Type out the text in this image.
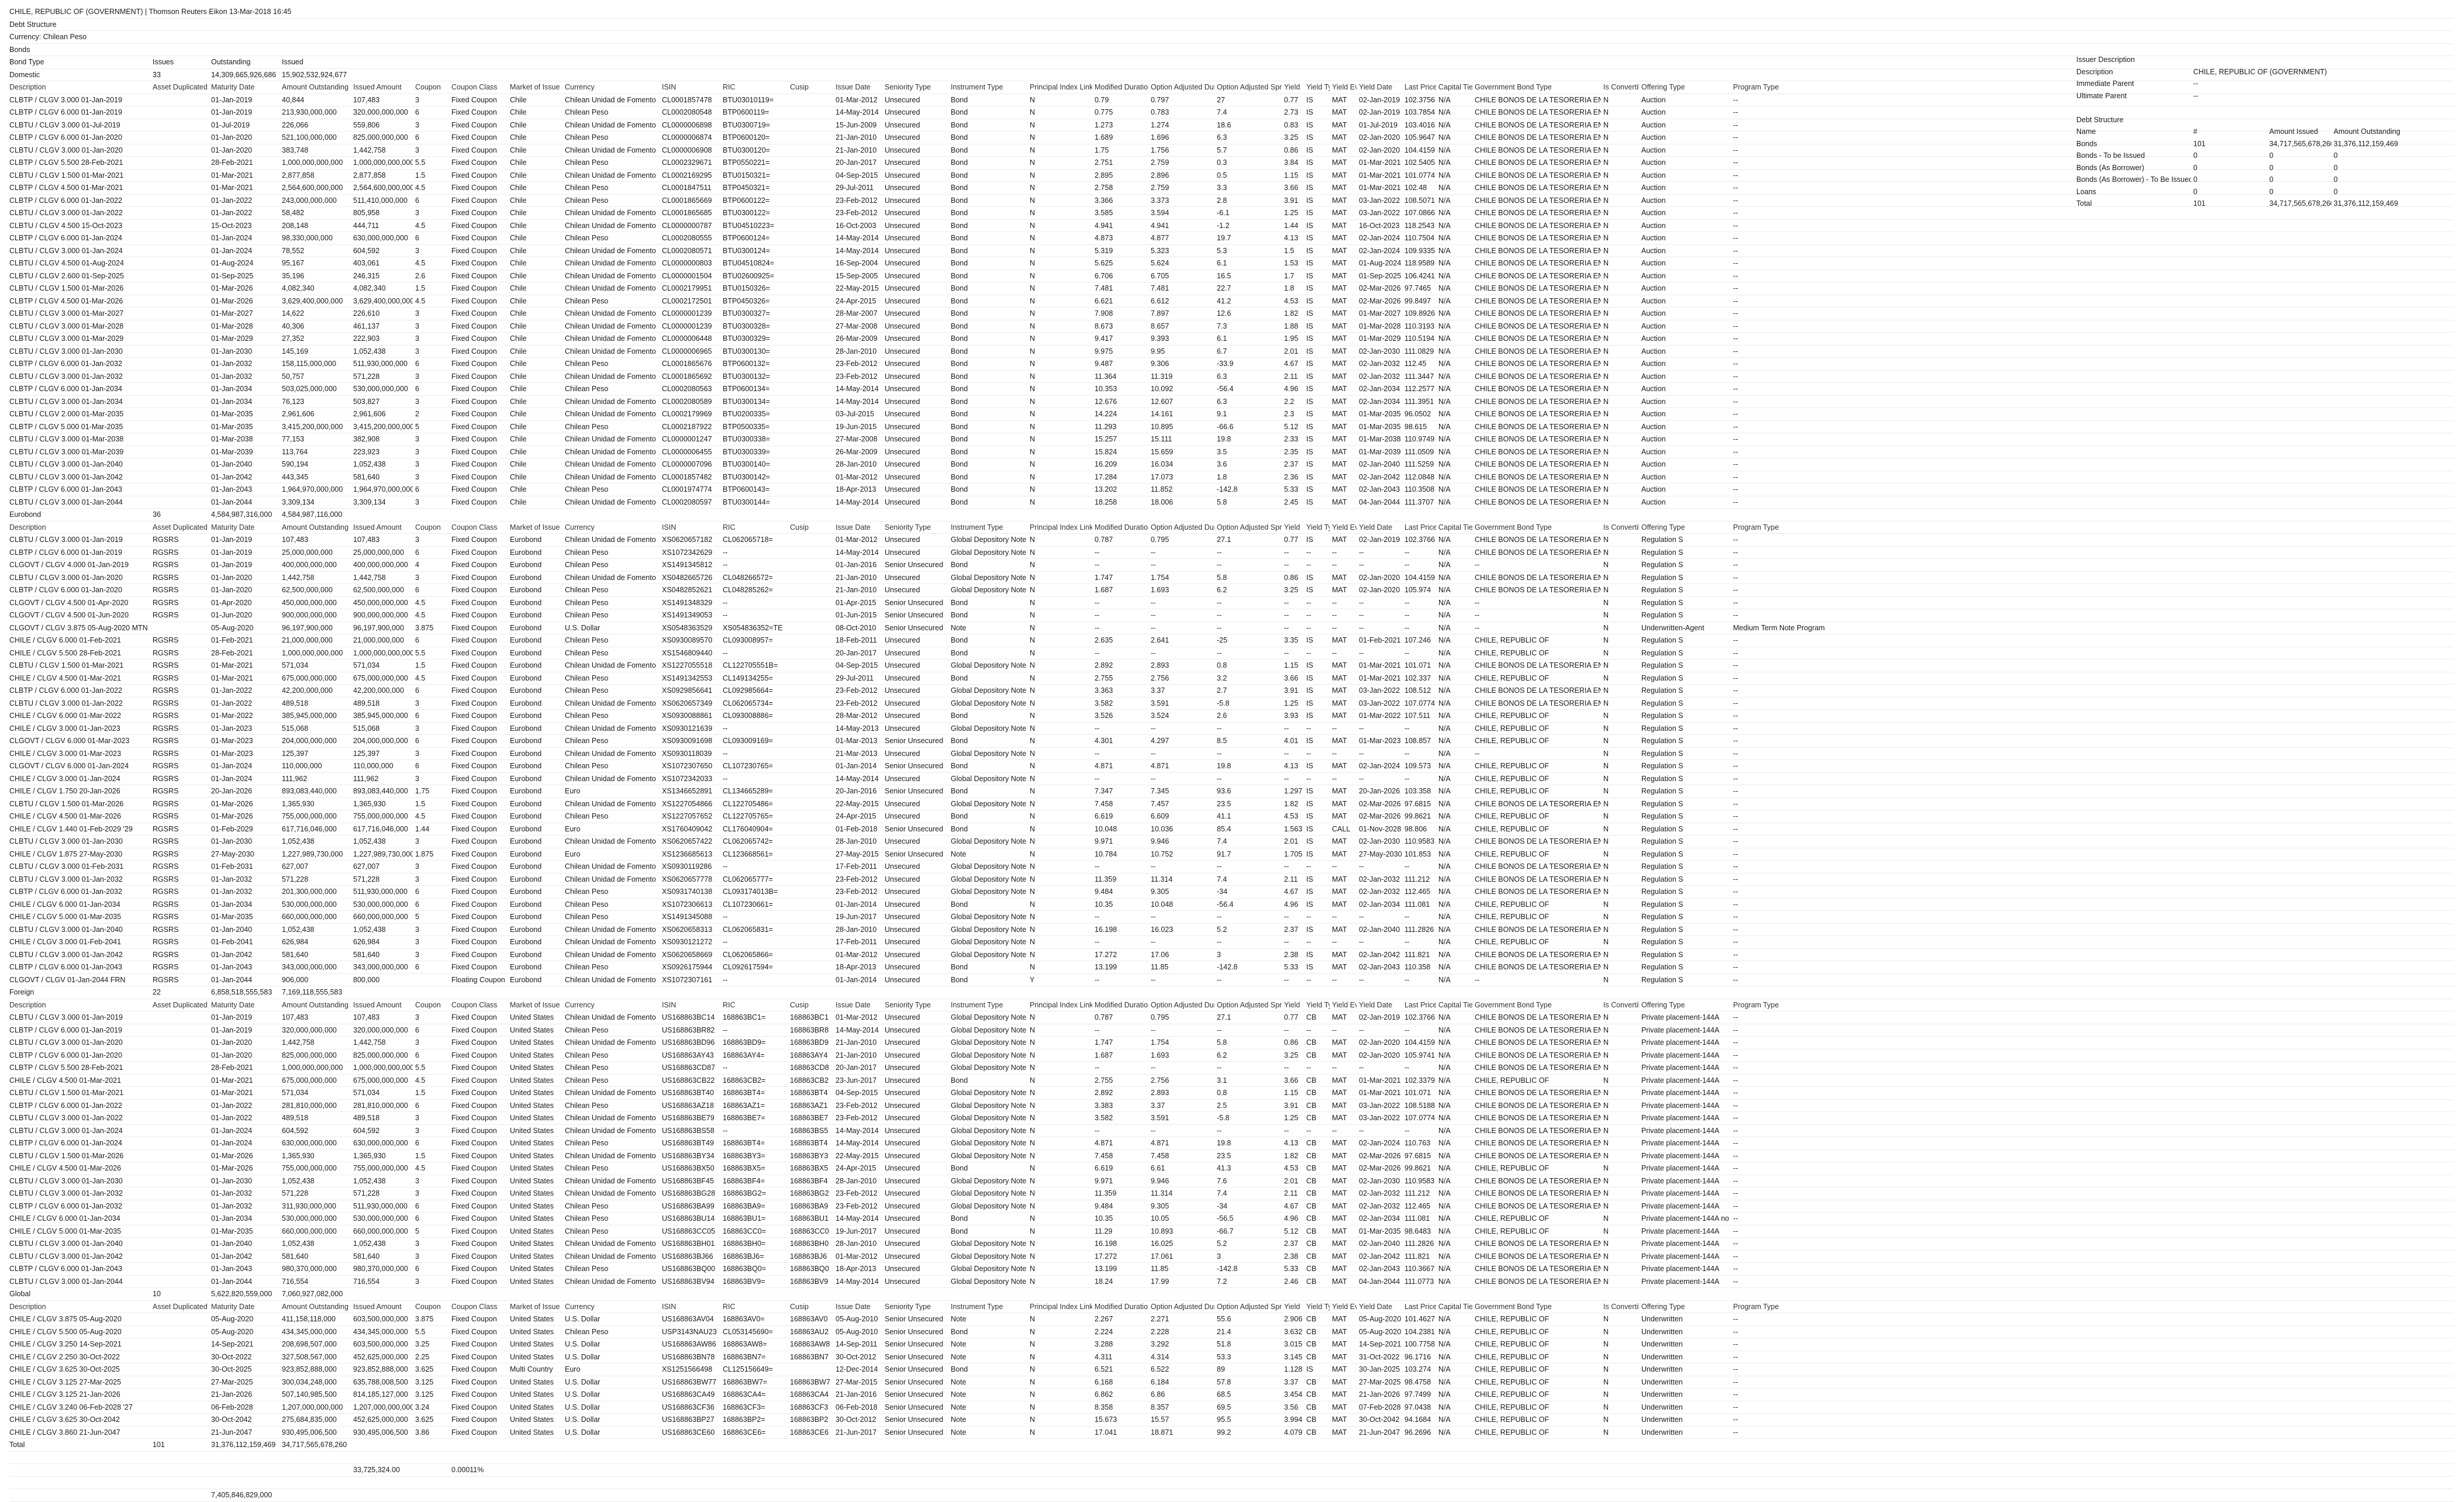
CHILE, REPUBLIC OF (GOVERNMENT) | Thomson Reuters Eikon 13-Mar-2018 16:45
Debt Structure
Currency: Chilean Peso
Bonds
Bond Type	Issues	Outstanding	Issued
Domestic	33	14,309,665,926,686 15,902,532,924,677
Description	Asset Duplicated Maturity Date	Amount Outstanding Issued Amount	Coupon	Coupon Class	Market of Issue Currency	ISIN	RIC	Cusip	Issue Date	Seniority Type	Instrument Type	Principal Index Link Modified Duration
Option Adjusted Du Option Adjusted Spr Yield Yield T Yield E Yield Date	Last Price Capital Tier
Government Bond Type	Is Converti Offering Type	Program Type
CLBTP / CLGV 3.000 01-Jan-2019	01-Jan-2019	40,844	107,483	3	Fixed Coupon	Chile	Chilean Unidad de Fomento CL0001857478	BTU03010119=	01-Mar-2012 Unsecured	Bond	N	0.79	0.797	27	0.77	IS	MAT	02-Jan-2019 102.3756 N/A	CHILE BONOS DE LA TESORERIA EN N	Auction	--
CLBTP / CLGV 6.000 01-Jan-2019	01-Jan-2019	213,930,000,000	320,000,000,000 6	Fixed Coupon	Chile	Chilean Peso	CL0002080548	BTP0600119=	14-May-2014 Unsecured	Bond	N	0.775	0.783	7.4	2.73	IS	MAT	02-Jan-2019 103.7854 N/A	CHILE BONOS DE LA TESORERIA EN N	Auction	--
CLBTU / CLGV 3.000 01-Jul-2019	01-Jul-2019	226,066	559,806	3	Fixed Coupon	Chile	Chilean Unidad de Fomento CL0000006898	BTU0300719=	15-Jun-2009	Unsecured	Bond	N	1.273	1.274	18.6	0.83	IS	MAT	01-Jul-2019 103.4016 N/A	CHILE BONOS DE LA TESORERIA EN N	Auction	--
CLBTP / CLGV 6.000 01-Jan-2020	01-Jan-2020	521,100,000,000	825,000,000,000 6	Fixed Coupon	Chile	Chilean Peso	CL0000006874	BTP0600120=	21-Jan-2010	Unsecured	Bond	N	1.689	1.696	6.3	3.25	IS	MAT	02-Jan-2020 105.9647 N/A	CHILE BONOS DE LA TESORERIA EN N	Auction	--
CLBTU / CLGV 3.000 01-Jan-2020	01-Jan-2020	383,748	1,442,758	3	Fixed Coupon	Chile	Chilean Unidad de Fomento CL0000006908	BTU0300120=	21-Jan-2010	Unsecured	Bond	N	1.75	1.756	5.7	0.86	IS	MAT	02-Jan-2020 104.4159 N/A	CHILE BONOS DE LA TESORERIA EN N	Auction	--
CLBTP / CLGV 5.500 28-Feb-2021	28-Feb-2021	1,000,000,000,000	1,000,000,000,000 5.5	Fixed Coupon	Chile	Chilean Peso	CL0002329671	BTP0550221=	20-Jan-2017	Unsecured	Bond	N	2.751	2.759	0.3	3.84	IS	MAT	01-Mar-2021 102.5405 N/A	CHILE BONOS DE LA TESORERIA EN N	Auction	--
CLBTU / CLGV 1.500 01-Mar-2021	01-Mar-2021	2,877,858	2,877,858	1.5	Fixed Coupon	Chile	Chilean Unidad de Fomento CL0002169295	BTU0150321=	04-Sep-2015 Unsecured	Bond	N	2.895	2.896	0.5	1.15	IS	MAT	01-Mar-2021 101.0774 N/A	CHILE BONOS DE LA TESORERIA EN N	Auction	--
CLBTP / CLGV 4.500 01-Mar-2021	01-Mar-2021	2,564,600,000,000	2,564,600,000,000 4.5	Fixed Coupon	Chile	Chilean Peso	CL0001847511	BTP0450321=	29-Jul-2011	Unsecured	Bond	N	2.758	2.759	3.3	3.66	IS	MAT	01-Mar-2021 102.48	N/A	CHILE BONOS DE LA TESORERIA EN N	Auction	--
CLBTP / CLGV 6.000 01-Jan-2022	01-Jan-2022	243,000,000,000	511,410,000,000	6	Fixed Coupon	Chile	Chilean Peso	CL0001865669	BTP0600122=	23-Feb-2012 Unsecured	Bond	N	3.366	3.373	2.8	3.91	IS	MAT	03-Jan-2022 108.5071 N/A	CHILE BONOS DE LA TESORERIA EN N	Auction	--
CLBTU / CLGV 3.000 01-Jan-2022	01-Jan-2022	58,482	805,958	3	Fixed Coupon	Chile	Chilean Unidad de Fomento CL0001865685	BTU0300122=	23-Feb-2012 Unsecured	Bond	N	3.585	3.594	-6.1	1.25	IS	MAT	03-Jan-2022 107.0866 N/A	CHILE BONOS DE LA TESORERIA EN N	Auction	--
CLBTU / CLGV 4.500 15-Oct-2023	15-Oct-2023	208,148	444,711	4.5	Fixed Coupon	Chile	Chilean Unidad de Fomento CL0000000787	BTU04510223=	16-Oct-2003	Unsecured	Bond	N	4.941	4.941	-1.2	1.44	IS	MAT	16-Oct-2023 118.2543 N/A	CHILE BONOS DE LA TESORERIA EN N	Auction	--
CLBTP / CLGV 6.000 01-Jan-2024	01-Jan-2024	98,330,000,000	630,000,000,000 6	Fixed Coupon	Chile	Chilean Peso	CL0002080555	BTP0600124=	14-May-2014 Unsecured	Bond	N	4.873	4.877	19.7	4.13	IS	MAT	02-Jan-2024 110.7504 N/A	CHILE BONOS DE LA TESORERIA EN N	Auction	--
CLBTU / CLGV 3.000 01-Jan-2024	01-Jan-2024	78,552	604,592	3	Fixed Coupon	Chile	Chilean Unidad de Fomento CL0002080571	BTU0300124=	14-May-2014 Unsecured	Bond	N	5.319	5.323	5.3	1.5	IS	MAT	02-Jan-2024 109.9335 N/A	CHILE BONOS DE LA TESORERIA EN N	Auction	--
CLBTU / CLGV 4.500 01-Aug-2024	01-Aug-2024	95,167	403,061	4.5	Fixed Coupon	Chile	Chilean Unidad de Fomento CL0000000803	BTU04510824=	16-Sep-2004 Unsecured	Bond	N	5.625	5.624	6.1	1.53	IS	MAT	01-Aug-2024 118.9589 N/A	CHILE BONOS DE LA TESORERIA EN N	Auction	--
CLBTU / CLGV 2.600 01-Sep-2025	01-Sep-2025	35,196	246,315	2.6	Fixed Coupon	Chile	Chilean Unidad de Fomento CL0000001504	BTU02600925=	15-Sep-2005 Unsecured	Bond	N	6.706	6.705	16.5	1.7	IS	MAT	01-Sep-2025 106.4241 N/A	CHILE BONOS DE LA TESORERIA EN N	Auction	--
CLBTU / CLGV 1.500 01-Mar-2026	01-Mar-2026	4,082,340	4,082,340	1.5	Fixed Coupon	Chile	Chilean Unidad de Fomento CL0002179951	BTU0150326=	22-May-2015 Unsecured	Bond	N	7.481	7.481	22.7	1.8	IS	MAT	02-Mar-2026 97.7465	N/A	CHILE BONOS DE LA TESORERIA EN N	Auction	--
CLBTP / CLGV 4.500 01-Mar-2026	01-Mar-2026	3,629,400,000,000	3,629,400,000,000 4.5	Fixed Coupon	Chile	Chilean Peso	CL0002172501	BTP0450326=	24-Apr-2015	Unsecured	Bond	N	6.621	6.612	41.2	4.53	IS	MAT	02-Mar-2026 99.8497	N/A	CHILE BONOS DE LA TESORERIA EN N	Auction	--
CLBTU / CLGV 3.000 01-Mar-2027	01-Mar-2027	14,622	226,610	3	Fixed Coupon	Chile	Chilean Unidad de Fomento CL0000001239	BTU0300327=	28-Mar-2007 Unsecured	Bond	N	7.908	7.897	12.6	1.82	IS	MAT	01-Mar-2027 109.8926 N/A	CHILE BONOS DE LA TESORERIA EN N	Auction	--
CLBTU / CLGV 3.000 01-Mar-2028	01-Mar-2028	40,306	461,137	3	Fixed Coupon	Chile	Chilean Unidad de Fomento CL0000001239	BTU0300328=	27-Mar-2008 Unsecured	Bond	N	8.673	8.657	7.3	1.88	IS	MAT	01-Mar-2028 110.3193 N/A	CHILE BONOS DE LA TESORERIA EN N	Auction	--
CLBTU / CLGV 3.000 01-Mar-2029	01-Mar-2029	27,352	222,903	3	Fixed Coupon	Chile	Chilean Unidad de Fomento CL0000006448	BTU0300329=	26-Mar-2009 Unsecured	Bond	N	9.417	9.393	6.1	1.95	IS	MAT	01-Mar-2029 110.5194 N/A	CHILE BONOS DE LA TESORERIA EN N	Auction	--
CLBTU / CLGV 3.000 01-Jan-2030	01-Jan-2030	145,169	1,052,438	3	Fixed Coupon	Chile	Chilean Unidad de Fomento CL0000006965	BTU0300130=	28-Jan-2010	Unsecured	Bond	N	9.975	9.95	6.7	2.01	IS	MAT	02-Jan-2030 111.0829 N/A	CHILE BONOS DE LA TESORERIA EN N	Auction	--
CLBTP / CLGV 6.000 01-Jan-2032	01-Jan-2032	158,115,000,000	511,930,000,000	6	Fixed Coupon	Chile	Chilean Peso	CL0001865676	BTP0600132=	23-Feb-2012 Unsecured	Bond	N	9.487	9.306	-33.9	4.67	IS	MAT	02-Jan-2032 112.45	N/A	CHILE BONOS DE LA TESORERIA EN N	Auction	--
CLBTU / CLGV 3.000 01-Jan-2032	01-Jan-2032	50,757	571,228	3	Fixed Coupon	Chile	Chilean Unidad de Fomento CL0001865692	BTU0300132=	23-Feb-2012 Unsecured	Bond	N	11.364	11.319	6.3	2.11	IS	MAT	02-Jan-2032 111.3447 N/A	CHILE BONOS DE LA TESORERIA EN N	Auction	--
CLBTP / CLGV 6.000 01-Jan-2034	01-Jan-2034	503,025,000,000	530,000,000,000 6	Fixed Coupon	Chile	Chilean Peso	CL0002080563	BTP0600134=	14-May-2014 Unsecured	Bond	N	10.353	10.092	-56.4	4.96	IS	MAT	02-Jan-2034 112.2577 N/A	CHILE BONOS DE LA TESORERIA EN N	Auction	--
CLBTU / CLGV 3.000 01-Jan-2034	01-Jan-2034	76,123	503,827	3	Fixed Coupon	Chile	Chilean Unidad de Fomento CL0002080589	BTU0300134=	14-May-2014 Unsecured	Bond	N	12.676	12.607	6.3	2.2	IS	MAT	02-Jan-2034 111.3951 N/A	CHILE BONOS DE LA TESORERIA EN N	Auction	--
CLBTU / CLGV 2.000 01-Mar-2035	01-Mar-2035	2,961,606	2,961,606	2	Fixed Coupon	Chile	Chilean Unidad de Fomento CL0002179969	BTU0200335=	03-Jul-2015	Unsecured	Bond	N	14.224	14.161	9.1	2.3	IS	MAT	01-Mar-2035 96.0502	N/A	CHILE BONOS DE LA TESORERIA EN N	Auction	--
CLBTP / CLGV 5.000 01-Mar-2035	01-Mar-2035	3,415,200,000,000	3,415,200,000,000 5	Fixed Coupon	Chile	Chilean Peso	CL0002187922	BTP0500335=	19-Jun-2015	Unsecured	Bond	N	11.293	10.895	-66.6	5.12	IS	MAT	01-Mar-2035 98.615	N/A	CHILE BONOS DE LA TESORERIA EN N	Auction	--
CLBTU / CLGV 3.000 01-Mar-2038	01-Mar-2038	77,153	382,908	3	Fixed Coupon	Chile	Chilean Unidad de Fomento CL0000001247	BTU0300338=	27-Mar-2008 Unsecured	Bond	N	15.257	15.111	19.8	2.33	IS	MAT	01-Mar-2038 110.9749 N/A	CHILE BONOS DE LA TESORERIA EN N	Auction	--
CLBTU / CLGV 3.000 01-Mar-2039	01-Mar-2039	113,764	223,923	3	Fixed Coupon	Chile	Chilean Unidad de Fomento CL0000006455	BTU0300339=	26-Mar-2009 Unsecured	Bond	N	15.824	15.659	3.5	2.35	IS	MAT	01-Mar-2039 111.0509 N/A	CHILE BONOS DE LA TESORERIA EN N	Auction	--
CLBTU / CLGV 3.000 01-Jan-2040	01-Jan-2040	590,194	1,052,438	3	Fixed Coupon	Chile	Chilean Unidad de Fomento CL0000007096	BTU0300140=	28-Jan-2010	Unsecured	Bond	N	16.209	16.034	3.6	2.37	IS	MAT	02-Jan-2040 111.5259 N/A	CHILE BONOS DE LA TESORERIA EN N	Auction	--
CLBTU / CLGV 3.000 01-Jan-2042	01-Jan-2042	443,345	581,640	3	Fixed Coupon	Chile	Chilean Unidad de Fomento CL0001857482	BTU0300142=	01-Mar-2012 Unsecured	Bond	N	17.284	17.073	1.8	2.36	IS	MAT	02-Jan-2042 112.0848 N/A	CHILE BONOS DE LA TESORERIA EN N	Auction	--
CLBTP / CLGV 6.000 01-Jan-2043	01-Jan-2043	1,964,970,000,000	1,964,970,000,000 6	Fixed Coupon	Chile	Chilean Peso	CL0001974774	BTP0600143=	18-Apr-2013	Unsecured	Bond	N	13.202	11.852	-142.8	5.33	IS	MAT	02-Jan-2043 110.3508 N/A	CHILE BONOS DE LA TESORERIA EN N	Auction	--
CLBTU / CLGV 3.000 01-Jan-2044	01-Jan-2044	3,309,134	3,309,134	3	Fixed Coupon	Chile	Chilean Unidad de Fomento CL0002080597	BTU0300144=	14-May-2014 Unsecured	Bond	N	18.258	18.006	5.8	2.45	IS	MAT	04-Jan-2044 111.3707 N/A	CHILE BONOS DE LA TESORERIA EN N	Auction	--
Eurobond	36	4,584,987,316,000	4,584,987,116,000
Description	Asset Duplicated Maturity Date	Amount Outstanding Issued Amount	Coupon	Coupon Class	Market of Issue Currency	ISIN	RIC	Cusip	Issue Date	Seniority Type	Instrument Type	Principal Index Link Modified Duration
Option Adjusted Du Option Adjusted Spr Yield Yield T Yield E Yield Date	Last Price Capital Tier
Government Bond Type	Is Converti Offering Type	Program Type
CLBTU / CLGV 3.000 01-Jan-2019	RGSRS	01-Jan-2019	107,483	107,483	3	Fixed Coupon	Eurobond	Chilean Unidad de Fomento XS0620657182	CL062065718=	01-Mar-2012 Unsecured	Global Depository Note N	0.787	0.795	27.1	0.77	IS	MAT	02-Jan-2019 102.3766 N/A	CHILE BONOS DE LA TESORERIA EN N	Regulation S	--
CLBTP / CLGV 6.000 01-Jan-2019	RGSRS	01-Jan-2019	25,000,000,000	25,000,000,000	6	Fixed Coupon	Eurobond	Chilean Peso	XS1072342629	--	14-May-2014 Unsecured	Global Depository Note N	--	--	--	--	--	--	--	--	N/A	CHILE BONOS DE LA TESORERIA EN N	Regulation S	--
CLGOVT / CLGV 4.000 01-Jan-2019	RGSRS	01-Jan-2019	400,000,000,000	400,000,000,000 4	Fixed Coupon	Eurobond	Chilean Peso	XS1491345812	--	01-Jan-2016	Senior Unsecured	Bond	N	--	--	--	--	--	--	--	--	N/A	--	N	Regulation S	--
CLBTU / CLGV 3.000 01-Jan-2020	RGSRS	01-Jan-2020	1,442,758	1,442,758	3	Fixed Coupon	Eurobond	Chilean Unidad de Fomento XS0482665726	CL048266572=	21-Jan-2010	Unsecured	Global Depository Note N	1.747	1.754	5.8	0.86	IS	MAT	02-Jan-2020 104.4159 N/A	CHILE BONOS DE LA TESORERIA EN N	Regulation S	--
CLBTP / CLGV 6.000 01-Jan-2020	RGSRS	01-Jan-2020	62,500,000,000	62,500,000,000	6	Fixed Coupon	Eurobond	Chilean Peso	XS0482852621	CL048285262=	21-Jan-2010	Unsecured	Global Depository Note N	1.687	1.693	6.2	3.25	IS	MAT	02-Jan-2020 105.974	N/A	CHILE BONOS DE LA TESORERIA EN N	Regulation S	--
CLGOVT / CLGV 4.500 01-Apr-2020	RGSRS	01-Apr-2020	450,000,000,000	450,000,000,000 4.5	Fixed Coupon	Eurobond	Chilean Peso	XS1491348329	--	01-Apr-2015	Senior Unsecured	Bond	N	--	--	--	--	--	--	--	--	N/A	--	N	Regulation S	--
CLGOVT / CLGV 4.500 01-Jun-2020	RGSRS	01-Jun-2020	900,000,000,000	900,000,000,000 4.5	Fixed Coupon	Eurobond	Chilean Peso	XS1491349053	--	01-Jun-2015	Senior Unsecured	Bond	N	--	--	--	--	--	--	--	--	N/A	--	N	Regulation S	--
CLGOVT / CLGV 3.875 05-Aug-2020 MTN	05-Aug-2020	96,197,900,000	96,197,900,000	3.875	Fixed Coupon	Eurobond	U.S. Dollar	XS0548363529	XS054836352=TE	08-Oct-2010	Senior Unsecured	Note	N	--	--	--	--	--	--	--	--	N/A	--	N	Underwritten-Agent	Medium Term Note Program
CHILE / CLGV 6.000 01-Feb-2021	RGSRS	01-Feb-2021	21,000,000,000	21,000,000,000	6	Fixed Coupon	Eurobond	Chilean Peso	XS0930089570	CL093008957=	18-Feb-2011	Unsecured	Bond	N	2.635	2.641	-25	3.35	IS	MAT	01-Feb-2021 107.246	N/A	CHILE, REPUBLIC OF	N	Regulation S	--
CHILE / CLGV 5.500 28-Feb-2021	RGSRS	28-Feb-2021	1,000,000,000,000	1,000,000,000,000 5.5	Fixed Coupon	Eurobond	Chilean Peso	XS1546809440	--	20-Jan-2017	Unsecured	Bond	N	--	--	--	--	--	--	--	--	N/A	CHILE, REPUBLIC OF	N	Regulation S	--
CLBTU / CLGV 1.500 01-Mar-2021	RGSRS	01-Mar-2021	571,034	571,034	1.5	Fixed Coupon	Eurobond	Chilean Unidad de Fomento XS1227055518	CL122705551B=	04-Sep-2015 Unsecured	Global Depository Note N	2.892	2.893	0.8	1.15	IS	MAT	01-Mar-2021 101.071	N/A	CHILE BONOS DE LA TESORERIA EN N	Regulation S	--
CHILE / CLGV 4.500 01-Mar-2021	RGSRS	01-Mar-2021	675,000,000,000	675,000,000,000 4.5	Fixed Coupon	Eurobond	Chilean Peso	XS1491342553	CL149134255=	29-Jul-2011	Unsecured	Bond	N	2.755	2.756	3.2	3.66	IS	MAT	01-Mar-2021 102.337	N/A	CHILE, REPUBLIC OF	N	Regulation S	--
CLBTP / CLGV 6.000 01-Jan-2022	RGSRS	01-Jan-2022	42,200,000,000	42,200,000,000	6	Fixed Coupon	Eurobond	Chilean Peso	XS0929856641	CL092985664=	23-Feb-2012 Unsecured	Global Depository Note N	3.363	3.37	2.7	3.91	IS	MAT	03-Jan-2022 108.512	N/A	CHILE BONOS DE LA TESORERIA EN N	Regulation S	--
CLBTU / CLGV 3.000 01-Jan-2022	RGSRS	01-Jan-2022	489,518	489,518	3	Fixed Coupon	Eurobond	Chilean Unidad de Fomento XS0620657349	CL062065734=	23-Feb-2012 Unsecured	Global Depository Note N	3.582	3.591	-5.8	1.25	IS	MAT	03-Jan-2022 107.0774 N/A	CHILE BONOS DE LA TESORERIA EN N	Regulation S	--
CHILE / CLGV 6.000 01-Mar-2022	RGSRS	01-Mar-2022	385,945,000,000	385,945,000,000 6	Fixed Coupon	Eurobond	Chilean Peso	XS0930088861	CL093008886=	28-Mar-2012 Unsecured	Bond	N	3.526	3.524	2.6	3.93	IS	MAT	01-Mar-2022 107.511	N/A	CHILE, REPUBLIC OF	N	Regulation S	--
CHILE / CLGV 3.000 01-Jan-2023	RGSRS	01-Jan-2023	515,068	515,068	3	Fixed Coupon	Eurobond	Chilean Unidad de Fomento XS0930121639	--	14-May-2013 Unsecured	Global Depository Note N	--	--	--	--	--	--	--	--	N/A	CHILE, REPUBLIC OF	N	Regulation S	--
CLGOVT / CLGV 6.000 01-Mar-2023	RGSRS	01-Mar-2023	204,000,000,000	204,000,000,000 6	Fixed Coupon	Eurobond	Chilean Peso	XS0930091698	CL093009169=	01-Mar-2013 Senior Unsecured	Bond	N	4.301	4.297	8.5	4.01	IS	MAT	01-Mar-2023 108.857	N/A	CHILE, REPUBLIC OF	N	Regulation S	--
CHILE / CLGV 3.000 01-Mar-2023	RGSRS	01-Mar-2023	125,397	125,397	3	Fixed Coupon	Eurobond	Chilean Unidad de Fomento XS0930118039	--	21-Mar-2013 Unsecured	Global Depository Note N	--	--	--	--	--	--	--	--	N/A	--	N	Regulation S	--
CLGOVT / CLGV 6.000 01-Jan-2024	RGSRS	01-Jan-2024	110,000,000	110,000,000	6	Fixed Coupon	Eurobond	Chilean Peso	XS1072307650	CL107230765=	01-Jan-2014	Senior Unsecured	Bond	N	4.871	4.871	19.8	4.13	IS	MAT	02-Jan-2024 109.573	N/A	CHILE, REPUBLIC OF	N	Regulation S	--
CHILE / CLGV 3.000 01-Jan-2024	RGSRS	01-Jan-2024	111,962	111,962	3	Fixed Coupon	Eurobond	Chilean Unidad de Fomento XS1072342033	--	14-May-2014 Unsecured	Global Depository Note N	--	--	--	--	--	--	--	--	N/A	CHILE, REPUBLIC OF	N	Regulation S	--
CHILE / CLGV 1.750 20-Jan-2026	RGSRS	20-Jan-2026	893,083,440,000	893,083,440,000 1.75	Fixed Coupon	Eurobond	Euro	XS1346652891	CL134665289=	20-Jan-2016	Senior Unsecured	Bond	N	7.347	7.345	93.6	1.297 IS	MAT	20-Jan-2026 103.358	N/A	CHILE, REPUBLIC OF	N	Regulation S	--
CLBTU / CLGV 1.500 01-Mar-2026	RGSRS	01-Mar-2026	1,365,930	1,365,930	1.5	Fixed Coupon	Eurobond	Chilean Unidad de Fomento XS1227054866	CL122705486=	22-May-2015 Unsecured	Global Depository Note N	7.458	7.457	23.5	1.82	IS	MAT	02-Mar-2026 97.6815	N/A	CHILE BONOS DE LA TESORERIA EN N	Regulation S	--
CHILE / CLGV 4.500 01-Mar-2026	RGSRS	01-Mar-2026	755,000,000,000	755,000,000,000 4.5	Fixed Coupon	Eurobond	Chilean Peso	XS1227057652	CL122705765=	24-Apr-2015	Unsecured	Bond	N	6.619	6.609	41.1	4.53	IS	MAT	02-Mar-2026 99.8621	N/A	CHILE, REPUBLIC OF	N	Regulation S	--
CHILE / CLGV 1.440 01-Feb-2029 '29	RGSRS	01-Feb-2029	617,716,046,000	617,716,046,000 1.44	Fixed Coupon	Eurobond	Euro	XS1760409042	CL176040904=	01-Feb-2018 Senior Unsecured	Bond	N	10.048	10.036	85.4	1.563 IS	CALL	01-Nov-2028 98.806	N/A	CHILE, REPUBLIC OF	N	Regulation S	--
CLBTU / CLGV 3.000 01-Jan-2030	RGSRS	01-Jan-2030	1,052,438	1,052,438	3	Fixed Coupon	Eurobond	Chilean Unidad de Fomento XS0620657422	CL062065742=	28-Jan-2010	Unsecured	Global Depository Note N	9.971	9.946	7.4	2.01	IS	MAT	02-Jan-2030 110.9583 N/A	CHILE BONOS DE LA TESORERIA EN N	Regulation S	--
CHILE / CLGV 1.875 27-May-2030	RGSRS	27-May-2030	1,227,989,730,000	1,227,989,730,000 1.875	Fixed Coupon	Eurobond	Euro	XS1236685613	CL123668561=	27-May-2015 Senior Unsecured	Note	N	10.784	10.752	91.7	1.705 IS	MAT	27-May-2030 101.853	N/A	CHILE, REPUBLIC OF	N	Regulation S	--
CLBTU / CLGV 3.000 01-Feb-2031	RGSRS	01-Feb-2031	627,007	627,007	3	Fixed Coupon	Eurobond	Chilean Unidad de Fomento XS0930119286	--	17-Feb-2011	Unsecured	Global Depository Note N	--	--	--	--	--	--	--	--	N/A	CHILE BONOS DE LA TESORERIA EN N	Regulation S	--
CLBTU / CLGV 3.000 01-Jan-2032	RGSRS	01-Jan-2032	571,228	571,228	3	Fixed Coupon	Eurobond	Chilean Unidad de Fomento XS0620657778	CL062065777=	23-Feb-2012 Unsecured	Global Depository Note N	11.359	11.314	7.4	2.11	IS	MAT	02-Jan-2032 111.212	N/A	CHILE BONOS DE LA TESORERIA EN N	Regulation S	--
CLBTP / CLGV 6.000 01-Jan-2032	RGSRS	01-Jan-2032	201,300,000,000	511,930,000,000	6	Fixed Coupon	Eurobond	Chilean Peso	XS0931740138	CL093174013B=	23-Feb-2012 Unsecured	Global Depository Note N	9.484	9.305	-34	4.67	IS	MAT	02-Jan-2032 112.465	N/A	CHILE BONOS DE LA TESORERIA EN N	Regulation S	--
CHILE / CLGV 6.000 01-Jan-2034	RGSRS	01-Jan-2034	530,000,000,000	530,000,000,000 6	Fixed Coupon	Eurobond	Chilean Peso	XS1072306613	CL107230661=	01-Jan-2014	Unsecured	Bond	N	10.35	10.048	-56.4	4.96	IS	MAT	02-Jan-2034 111.081	N/A	CHILE, REPUBLIC OF	N	Regulation S	--
CHILE / CLGV 5.000 01-Mar-2035	RGSRS	01-Mar-2035	660,000,000,000	660,000,000,000 5	Fixed Coupon	Eurobond	Chilean Peso	XS1491345088	--	19-Jun-2017	Unsecured	Global Depository Note N	--	--	--	--	--	--	--	--	N/A	CHILE, REPUBLIC OF	N	Regulation S	--
CLBTU / CLGV 3.000 01-Jan-2040	RGSRS	01-Jan-2040	1,052,438	1,052,438	3	Fixed Coupon	Eurobond	Chilean Unidad de Fomento XS0620658313	CL062065831=	28-Jan-2010	Unsecured	Global Depository Note N	16.198	16.023	5.2	2.37	IS	MAT	02-Jan-2040 111.2826 N/A	CHILE BONOS DE LA TESORERIA EN N	Regulation S	--
CHILE / CLGV 3.000 01-Feb-2041	RGSRS	01-Feb-2041	626,984	626,984	3	Fixed Coupon	Eurobond	Chilean Unidad de Fomento XS0930121272	--	17-Feb-2011	Unsecured	Global Depository Note N	--	--	--	--	--	--	--	--	N/A	CHILE, REPUBLIC OF	N	Regulation S	--
CLBTU / CLGV 3.000 01-Jan-2042	RGSRS	01-Jan-2042	581,640	581,640	3	Fixed Coupon	Eurobond	Chilean Unidad de Fomento XS0620658669	CL062065866=	01-Mar-2012 Unsecured	Global Depository Note N	17.272	17.06	3	2.38	IS	MAT	02-Jan-2042 111.821	N/A	CHILE BONOS DE LA TESORERIA EN N	Regulation S	--
CLBTP / CLGV 6.000 01-Jan-2043	RGSRS	01-Jan-2043	343,000,000,000	343,000,000,000 6	Fixed Coupon	Eurobond	Chilean Peso	XS0926175944	CL092617594=	18-Apr-2013	Unsecured	Bond	N	13.199	11.85	-142.8	5.33	IS	MAT	02-Jan-2043 110.358	N/A	CHILE BONOS DE LA TESORERIA EN N	Regulation S	--
CLGOVT / CLGV 01-Jan-2044 FRN	RGSRS	01-Jan-2044	906,000	800,000	Floating Coupon Eurobond	Chilean Unidad de Fomento XS1072307161	--	01-Jan-2014	Unsecured	Bond	Y	--	--	--	--	--	--	--	--	N/A	--	N	Regulation S	--
Foreign	22	6,858,518,555,583	7,169,118,555,583
Description	Asset Duplicated Maturity Date	Amount Outstanding Issued Amount	Coupon	Coupon Class	Market of Issue Currency	ISIN	RIC	Cusip	Issue Date	Seniority Type	Instrument Type	Principal Index Link Modified Duration
Option Adjusted Du Option Adjusted Spr Yield Yield T Yield E Yield Date	Last Price Capital Tier
Government Bond Type	Is Converti Offering Type	Program Type
CLBTU / CLGV 3.000 01-Jan-2019	01-Jan-2019	107,483	107,483	3	Fixed Coupon	United States	Chilean Unidad de Fomento US168863BC14	168863BC1=	168863BC1 01-Mar-2012 Unsecured	Global Depository Note N	0.787	0.795	27.1	0.77	CB	MAT	02-Jan-2019 102.3766 N/A	CHILE BONOS DE LA TESORERIA EN N	Private placement-144A	--
CLBTP / CLGV 6.000 01-Jan-2019	01-Jan-2019	320,000,000,000	320,000,000,000 6	Fixed Coupon	United States	Chilean Peso	US168863BR82	--	168863BR8 14-May-2014 Unsecured	Global Depository Note N	--	--	--	--	--	--	--	--	N/A	CHILE BONOS DE LA TESORERIA EN N	Private placement-144A	--
CLBTU / CLGV 3.000 01-Jan-2020	01-Jan-2020	1,442,758	1,442,758	3	Fixed Coupon	United States	Chilean Unidad de Fomento US168863BD96	168863BD9=	168863BD9 21-Jan-2010	Unsecured	Global Depository Note N	1.747	1.754	5.8	0.86	CB	MAT	02-Jan-2020 104.4159 N/A	CHILE BONOS DE LA TESORERIA EN N	Private placement-144A	--
CLBTP / CLGV 6.000 01-Jan-2020	01-Jan-2020	825,000,000,000	825,000,000,000 6	Fixed Coupon	United States	Chilean Peso	US168863AY43	168863AY4=	168863AY4	21-Jan-2010	Unsecured	Global Depository Note N	1.687	1.693	6.2	3.25	CB	MAT	02-Jan-2020 105.9741 N/A	CHILE BONOS DE LA TESORERIA EN N	Private placement-144A	--
CLBTP / CLGV 5.500 28-Feb-2021	28-Feb-2021	1,000,000,000,000	1,000,000,000,000 5.5	Fixed Coupon	United States	Chilean Peso	US168863CD87	--	168863CD8 20-Jan-2017	Unsecured	Global Depository Note N	--	--	--	--	--	--	--	--	N/A	CHILE BONOS DE LA TESORERIA EN N	Private placement-144A	--
CHILE / CLGV 4.500 01-Mar-2021	01-Mar-2021	675,000,000,000	675,000,000,000 4.5	Fixed Coupon	United States	Chilean Peso	US168863CB22	168863CB2=	168863CB2 23-Jun-2017	Unsecured	Bond	N	2.755	2.756	3.1	3.66	CB	MAT	01-Mar-2021 102.3379 N/A	CHILE, REPUBLIC OF	N	Private placement-144A	--
CLBTU / CLGV 1.500 01-Mar-2021	01-Mar-2021	571,034	571,034	1.5	Fixed Coupon	United States	Chilean Unidad de Fomento US168863BT40	168863BT4=	168863BT4	04-Sep-2015 Unsecured	Global Depository Note N	2.892	2.893	0.8	1.15	CB	MAT	01-Mar-2021 101.071	N/A	CHILE BONOS DE LA TESORERIA EN N	Private placement-144A	--
CLBTP / CLGV 6.000 01-Jan-2022	01-Jan-2022	281,810,000,000	281,810,000,000 6	Fixed Coupon	United States	Chilean Peso	US168863AZ18	168863AZ1=	168863AZ1	23-Feb-2012 Unsecured	Global Depository Note N	3.383	3.37	2.5	3.91	CB	MAT	03-Jan-2022 108.5188 N/A	CHILE BONOS DE LA TESORERIA EN N	Private placement-144A	--
CLBTU / CLGV 3.000 01-Jan-2022	01-Jan-2022	489,518	489,518	3	Fixed Coupon	United States	Chilean Unidad de Fomento US168863BE79	168863BE7=	168863BE7	23-Feb-2012 Unsecured	Global Depository Note N	3.582	3.591	-5.8	1.25	CB	MAT	03-Jan-2022 107.0774 N/A	CHILE BONOS DE LA TESORERIA EN N	Private placement-144A	--
CLBTU / CLGV 3.000 01-Jan-2024	01-Jan-2024	604,592	604,592	3	Fixed Coupon	United States	Chilean Unidad de Fomento US168863BS58	--	168863BS5	14-May-2014 Unsecured	Global Depository Note N	--	--	--	--	--	--	--	--	N/A	CHILE BONOS DE LA TESORERIA EN N	Private placement-144A	--
CLBTP / CLGV 6.000 01-Jan-2024	01-Jan-2024	630,000,000,000	630,000,000,000 6	Fixed Coupon	United States	Chilean Peso	US168863BT49	168863BT4=	168863BT4	14-May-2014 Unsecured	Global Depository Note N	4.871	4.871	19.8	4.13	CB	MAT	02-Jan-2024 110.763	N/A	CHILE BONOS DE LA TESORERIA EN N	Private placement-144A	--
CLBTU / CLGV 1.500 01-Mar-2026	01-Mar-2026	1,365,930	1,365,930	1.5	Fixed Coupon	United States	Chilean Unidad de Fomento US168863BY34	168863BY3=	168863BY3	22-May-2015 Unsecured	Global Depository Note N	7.458	7.458	23.5	1.82	CB	MAT	02-Mar-2026 97.6815	N/A	CHILE BONOS DE LA TESORERIA EN N	Private placement-144A	--
CHILE / CLGV 4.500 01-Mar-2026	01-Mar-2026	755,000,000,000	755,000,000,000 4.5	Fixed Coupon	United States	Chilean Peso	US168863BX50	168863BX5=	168863BX5	24-Apr-2015	Unsecured	Bond	N	6.619	6.61	41.3	4.53	CB	MAT	02-Mar-2026 99.8621	N/A	CHILE, REPUBLIC OF	N	Private placement-144A	--
CLBTU / CLGV 3.000 01-Jan-2030	01-Jan-2030	1,052,438	1,052,438	3	Fixed Coupon	United States	Chilean Unidad de Fomento US168863BF45	168863BF4=	168863BF4	28-Jan-2010	Unsecured	Global Depository Note N	9.971	9.946	7.6	2.01	CB	MAT	02-Jan-2030 110.9583 N/A	CHILE BONOS DE LA TESORERIA EN N	Private placement-144A	--
CLBTU / CLGV 3.000 01-Jan-2032	01-Jan-2032	571,228	571,228	3	Fixed Coupon	United States	Chilean Unidad de Fomento US168863BG28	168863BG2=	168863BG2 23-Feb-2012 Unsecured	Global Depository Note N	11.359	11.314	7.4	2.11	CB	MAT	02-Jan-2032 111.212	N/A	CHILE BONOS DE LA TESORERIA EN N	Private placement-144A	--
CLBTP / CLGV 6.000 01-Jan-2032	01-Jan-2032	311,930,000,000	511,930,000,000	6	Fixed Coupon	United States	Chilean Peso	US168863BA99	168863BA9=	168863BA9	23-Feb-2012 Unsecured	Global Depository Note N	9.484	9.305	-34	4.67	CB	MAT	02-Jan-2032 112.465	N/A	CHILE BONOS DE LA TESORERIA EN N	Private placement-144A	--
CHILE / CLGV 6.000 01-Jan-2034	01-Jan-2034	530,000,000,000	530,000,000,000 6	Fixed Coupon	United States	Chilean Peso	US168863BU14	168863BU1=	168863BU1 14-May-2014 Unsecured	Bond	N	10.35	10.05	-56.5	4.96	CB	MAT	02-Jan-2034 111.081	N/A	CHILE, REPUBLIC OF	N	Private placement-144A no --
CHILE / CLGV 5.000 01-Mar-2035	01-Mar-2035	660,000,000,000	660,000,000,000 5	Fixed Coupon	United States	Chilean Peso	US168863CC05	168863CC0=	168863CC0 19-Jun-2017	Unsecured	Bond	N	11.29	10.893	-66.7	5.12	CB	MAT	01-Mar-2035 98.6483	N/A	CHILE, REPUBLIC OF	N	Private placement-144A	--
CLBTU / CLGV 3.000 01-Jan-2040	01-Jan-2040	1,052,438	1,052,438	3	Fixed Coupon	United States	Chilean Unidad de Fomento US168863BH01	168863BH0=	168863BH0 28-Jan-2010	Unsecured	Global Depository Note N	16.198	16.025	5.2	2.37	CB	MAT	02-Jan-2040 111.2826 N/A	CHILE BONOS DE LA TESORERIA EN N	Private placement-144A	--
CLBTU / CLGV 3.000 01-Jan-2042	01-Jan-2042	581,640	581,640	3	Fixed Coupon	United States	Chilean Unidad de Fomento US168863BJ66	168863BJ6=	168863BJ6	01-Mar-2012 Unsecured	Global Depository Note N	17.272	17.061	3	2.38	CB	MAT	02-Jan-2042 111.821	N/A	CHILE BONOS DE LA TESORERIA EN N	Private placement-144A	--
CLBTP / CLGV 6.000 01-Jan-2043	01-Jan-2043	980,370,000,000	980,370,000,000 6	Fixed Coupon	United States	Chilean Peso	US168863BQ00	168863BQ0=	168863BQ0 18-Apr-2013	Unsecured	Global Depository Note N	13.199	11.85	-142.8	5.33	CB	MAT	02-Jan-2043 110.3667 N/A	CHILE BONOS DE LA TESORERIA EN N	Private placement-144A	--
CLBTU / CLGV 3.000 01-Jan-2044	01-Jan-2044	716,554	716,554	3	Fixed Coupon	United States	Chilean Unidad de Fomento US168863BV94	168863BV9=	168863BV9	14-May-2014 Unsecured	Global Depository Note N	18.24	17.99	7.2	2.46	CB	MAT	04-Jan-2044 111.0773 N/A	CHILE BONOS DE LA TESORERIA EN N	Private placement-144A	--
Global	10	5,622,820,559,000	7,060,927,082,000
Description	Asset Duplicated Maturity Date	Amount Outstanding Issued Amount	Coupon	Coupon Class	Market of Issue Currency	ISIN	RIC	Cusip	Issue Date	Seniority Type	Instrument Type	Principal Index Link Modified Duration
Option Adjusted Du Option Adjusted Spr Yield Yield T Yield E Yield Date	Last Price Capital Tier
Government Bond Type	Is Converti Offering Type	Program Type
CHILE / CLGV 3.875 05-Aug-2020	05-Aug-2020	411,158,118,000	603,500,000,000 3.875	Fixed Coupon	United States	U.S. Dollar	US168863AV04	168863AV0=	168863AV0	05-Aug-2010 Senior Unsecured	Note	N	2.267	2.271	55.6	2.906 CB	MAT	05-Aug-2020 101.4627 N/A	CHILE, REPUBLIC OF	N	Underwritten	--
CHILE / CLGV 5.500 05-Aug-2020	05-Aug-2020	434,345,000,000	434,345,000,000 5.5	Fixed Coupon	United States	Chilean Peso	USP3143NAU23 CL053145690=	168863AU2 05-Aug-2010 Senior Unsecured	Bond	N	2.224	2.228	21.4	3.632 CB	MAT	05-Aug-2020 104.2381 N/A	CHILE, REPUBLIC OF	N	Underwritten	--
CHILE / CLGV 3.250 14-Sep-2021	14-Sep-2021	208,698,507,000	603,500,000,000 3.25	Fixed Coupon	United States	U.S. Dollar	US168863AW86 168863AW8=	168863AW8 14-Sep-2011	Senior Unsecured	Note	N	3.288	3.292	51.8	3.015 CB	MAT	14-Sep-2021 100.7758 N/A	CHILE, REPUBLIC OF	N	Underwritten	--
CHILE / CLGV 2.250 30-Oct-2022	30-Oct-2022	327,508,567,000	452,625,000,000 2.25	Fixed Coupon	United States	U.S. Dollar	US168863BN78	168863BN7=	168863BN7 30-Oct-2012	Senior Unsecured	Note	N	4.311	4.314	53.3	3.145 CB	MAT	31-Oct-2022 96.1716	N/A	CHILE, REPUBLIC OF	N	Underwritten	--
CHILE / CLGV 3.625 30-Oct-2025	30-Oct-2025	923,852,888,000	923,852,888,000 3.625	Fixed Coupon	Multi Country	Euro	XS1251566498	CL125156649=	12-Dec-2014 Senior Unsecured	Bond	N	6.521	6.522	89	1.128 IS	MAT	30-Jan-2025 103.274	N/A	CHILE, REPUBLIC OF	N	Underwritten	--
CHILE / CLGV 3.125 27-Mar-2025	27-Mar-2025	300,034,248,000	635,788,008,500 3.125	Fixed Coupon	United States	U.S. Dollar	US168863BW77 168863BW7=	168863BW7 27-Mar-2015 Senior Unsecured	Note	N	6.168	6.184	57.8	3.37	CB	MAT	27-Mar-2025 98.4758	N/A	CHILE, REPUBLIC OF	N	Underwritten	--
CHILE / CLGV 3.125 21-Jan-2026	21-Jan-2026	507,140,985,500	814,185,127,000 3.125	Fixed Coupon	United States	U.S. Dollar	US168863CA49	168863CA4=	168863CA4 21-Jan-2016	Senior Unsecured	Note	N	6.862	6.86	68.5	3.454 CB	MAT	21-Jan-2026 97.7499	N/A	CHILE, REPUBLIC OF	N	Underwritten	--
CHILE / CLGV 3.240 06-Feb-2028 '27	06-Feb-2028	1,207,000,000,000	1,207,000,000,000 3.24	Fixed Coupon	United States	U.S. Dollar	US168863CF36	168863CF3=	168863CF3	06-Feb-2018 Senior Unsecured	Note	N	8.358	8.357	69.5	3.56	CB	MAT	07-Feb-2028 97.0438	N/A	CHILE, REPUBLIC OF	N	Underwritten	--
CHILE / CLGV 3.625 30-Oct-2042	30-Oct-2042	275,684,835,000	452,625,000,000 3.625	Fixed Coupon	United States	U.S. Dollar	US168863BP27	168863BP2=	168863BP2	30-Oct-2012	Senior Unsecured	Note	N	15.673	15.57	95.5	3.994 CB	MAT	30-Oct-2042 94.1684	N/A	CHILE, REPUBLIC OF	N	Underwritten	--
CHILE / CLGV 3.860 21-Jun-2047	21-Jun-2047	930,495,006,500	930,495,006,500 3.86	Fixed Coupon	United States	U.S. Dollar	US168863CE60	168863CE6=	168863CE6 21-Jun-2017	Senior Unsecured	Note	N	17.041	18.871	99.2	4.079 CB	MAT	21-Jun-2047 96.2696	N/A	CHILE, REPUBLIC OF	N	Underwritten	--
Total	101	31,376,112,159,469 34,717,565,678,260
33,725,324.00	0.00011%
7,405,846,829,000
Issuer Description
Description	CHILE, REPUBLIC OF (GOVERNMENT)
Immediate Parent	--
Ultimate Parent	--
Debt Structure
Name	#	Amount Issued	Amount Outstanding
Bonds	101	34,717,565,678,260
31,376,112,159,469
Bonds - To be Issued	0	0	0
Bonds (As Borrower)	0	0	0
Bonds (As Borrower) - To Be Issued 0	0	0
Loans	0	0	0
Total	101	34,717,565,678,260
31,376,112,159,469
